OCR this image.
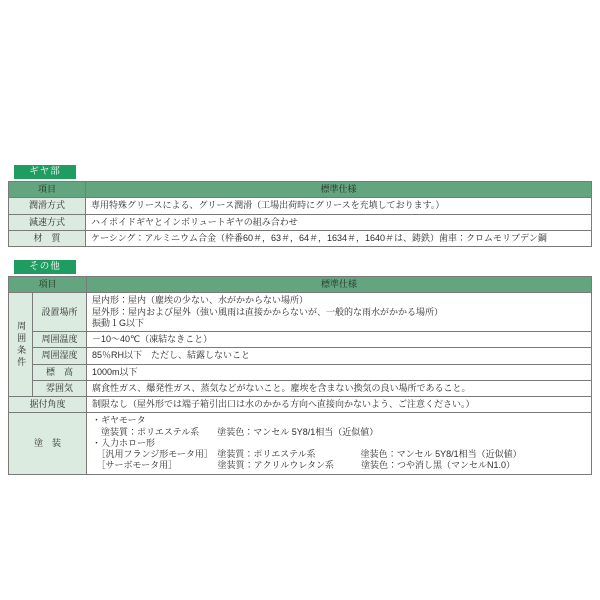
ギヤ部
項目	標準仕様
潤滑方式	専用特殊グリースによる、グリース潤滑（工場出荷時にグリースを充填しております。）
減速方式	ハイポイドギヤとインボリュートギヤの組み合わせ
材　質	ケーシング：アルミニウム合金（枠番60＃，63＃，64＃，1634＃，1640＃は、鋳鉄）歯車：クロムモリブデン鋼
その他
項目		標準仕様

周囲条件	設置場所	屋内形：屋内（塵埃の少ない、水がかからない場所）
屋外形：屋内および屋外（強い風雨は直接かからないが、一般的な雨水がかかる場所）
振動１G以下

	周囲温度	－10～40℃（凍結なきこと）
	周囲湿度	85％RH以下　ただし、結露しないこと
	標　高	1000m以下
	雰囲気	腐食性ガス、爆発性ガス、蒸気などがないこと。塵埃を含まない換気の良い場所であること。
据付角度		制限なし（屋外形では端子箱引出口は水のかかる方向へ直接向かないよう、ご注意ください。）
塗　装		・ギヤモータ
　塗装質：ポリエステル系　　塗装色：マンセル 5Y8/1相当（近似値）
・入力ホロー形
　［汎用フランジ形モータ用］　塗装質：ポリエステル系　　　　　塗装色：マンセル 5Y8/1相当（近似値）
　［サーボモータ用］　　　　　塗装質：アクリルウレタン系　　　塗装色：つや消し黒（マンセルN1.0）
